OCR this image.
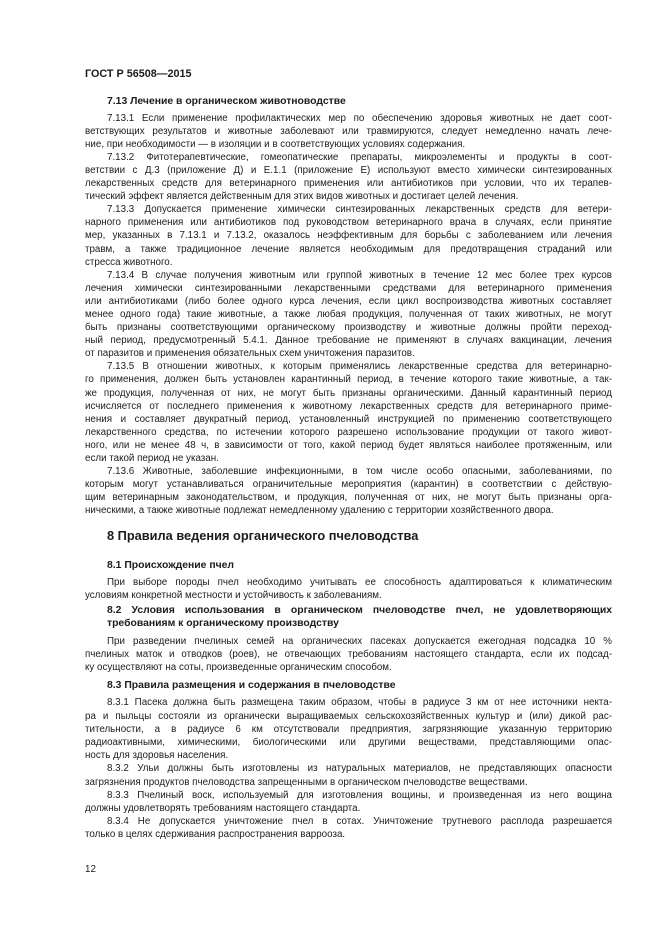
ГОСТ Р 56508—2015
7.13 Лечение в органическом животноводстве
7.13.1 Если применение профилактических мер по обеспечению здоровья животных не дает соот-
ветствующих результатов и животные заболевают или травмируются, следует немедленно начать лече-
ние, при необходимости — в изоляции и в соответствующих условиях содержания.
7.13.2 Фитотерапевтические, гомеопатические препараты, микроэлементы и продукты в соот-
ветствии с Д.3 (приложение Д) и Е.1.1 (приложение Е) используют вместо химически синтезированных
лекарственных средств для ветеринарного применения или антибиотиков при условии, что их терапев-
тический эффект является действенным для этих видов животных и достигает целей лечения.
7.13.3 Допускается применение химически синтезированных лекарственных средств для ветери-
нарного применения или антибиотиков под руководством ветеринарного врача в случаях, если принятие
мер, указанных в 7.13.1 и 7.13.2, оказалось неэффективным для борьбы с заболеванием или лечения
травм, а также традиционное лечение является необходимым для предотвращения страданий или
стресса животного.
7.13.4 В случае получения животным или группой животных в течение 12 мес более трех курсов
лечения химически синтезированными лекарственными средствами для ветеринарного применения
или антибиотиками (либо более одного курса лечения, если цикл воспроизводства животных составляет
менее одного года) такие животные, а также любая продукция, полученная от таких животных, не могут
быть признаны соответствующими органическому производству и животные должны пройти переход-
ный период, предусмотренный 5.4.1. Данное требование не применяют в случаях вакцинации, лечения
от паразитов и применения обязательных схем уничтожения паразитов.
7.13.5 В отношении животных, к которым применялись лекарственные средства для ветеринарно-
го применения, должен быть установлен карантинный период, в течение которого такие животные, а так-
же продукция, полученная от них, не могут быть признаны органическими. Данный карантинный период
исчисляется от последнего применения к животному лекарственных средств для ветеринарного приме-
нения и составляет двукратный период, установленный инструкцией по применению соответствующего
лекарственного средства, по истечении которого разрешено использование продукции от такого живот-
ного, или не менее 48 ч, в зависимости от того, какой период будет являться наиболее протяженным, или
если такой период не указан.
7.13.6 Животные, заболевшие инфекционными, в том числе особо опасными, заболеваниями, по
которым могут устанавливаться ограничительные мероприятия (карантин) в соответствии с действую-
щим ветеринарным законодательством, и продукция, полученная от них, не могут быть признаны орга-
ническими, а также животные подлежат немедленному удалению с территории хозяйственного двора.
8 Правила ведения органического пчеловодства
8.1 Происхождение пчел
При выборе породы пчел необходимо учитывать ее способность адаптироваться к климатическим
условиям конкретной местности и устойчивость к заболеваниям.
8.2 Условия использования в органическом пчеловодстве пчел, не удовлетворяющих
требованиям к органическому производству
При разведении пчелиных семей на органических пасеках допускается ежегодная подсадка 10 %
пчелиных маток и отводков (роев), не отвечающих требованиям настоящего стандарта, если их подсад-
ку осуществляют на соты, произведенные органическим способом.
8.3 Правила размещения и содержания в пчеловодстве
8.3.1 Пасека должна быть размещена таким образом, чтобы в радиусе 3 км от нее источники некта-
ра и пыльцы состояли из органически выращиваемых сельскохозяйственных культур и (или) дикой рас-
тительности, а в радиусе 6 км отсутствовали предприятия, загрязняющие указанную территорию
радиоактивными, химическими, биологическими или другими веществами, представляющими опас-
ность для здоровья населения.
8.3.2 Ульи должны быть изготовлены из натуральных материалов, не представляющих опасности
загрязнения продуктов пчеловодства запрещенными в органическом пчеловодстве веществами.
8.3.3 Пчелиный воск, используемый для изготовления вощины, и произведенная из него вощина
должны удовлетворять требованиям настоящего стандарта.
8.3.4 Не допускается уничтожение пчел в сотах. Уничтожение трутневого расплода разрешается
только в целях сдерживания распространения варрооза.
12
